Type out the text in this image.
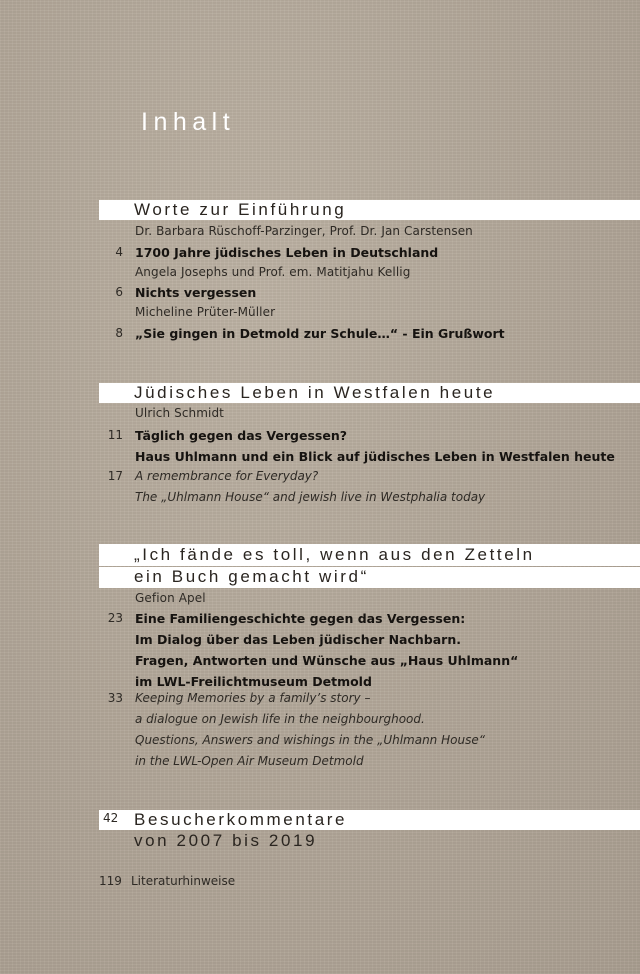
Inhalt
Worte zur Einführung
Dr. Barbara Rüschoff-Parzinger, Prof. Dr. Jan Carstensen
4 1700 Jahre jüdisches Leben in Deutschland
Angela Josephs und Prof. em. Matitjahu Kellig
6 Nichts vergessen
Micheline Prüter-Müller
8 „Sie gingen in Detmold zur Schule…“ - Ein Grußwort
Jüdisches Leben in Westfalen heute
Ulrich Schmidt
11 Täglich gegen das Vergessen?
Haus Uhlmann und ein Blick auf jüdisches Leben in Westfalen heute
17 A remembrance for Everyday?
The „Uhlmann House“ and jewish live in Westphalia today
„Ich fände es toll, wenn aus den Zetteln
ein Buch gemacht wird“
Gefion Apel
23 Eine Familiengeschichte gegen das Vergessen:
Im Dialog über das Leben jüdischer Nachbarn.
Fragen, Antworten und Wünsche aus „Haus Uhlmann“
im LWL-Freilichtmuseum Detmold
33 Keeping Memories by a family’s story –
a dialogue on Jewish life in the neighbourghood.
Questions, Answers and wishings in the „Uhlmann House“
in the LWL-Open Air Museum Detmold
42 Besucherkommentare
von 2007 bis 2019
119 Literaturhinweise
